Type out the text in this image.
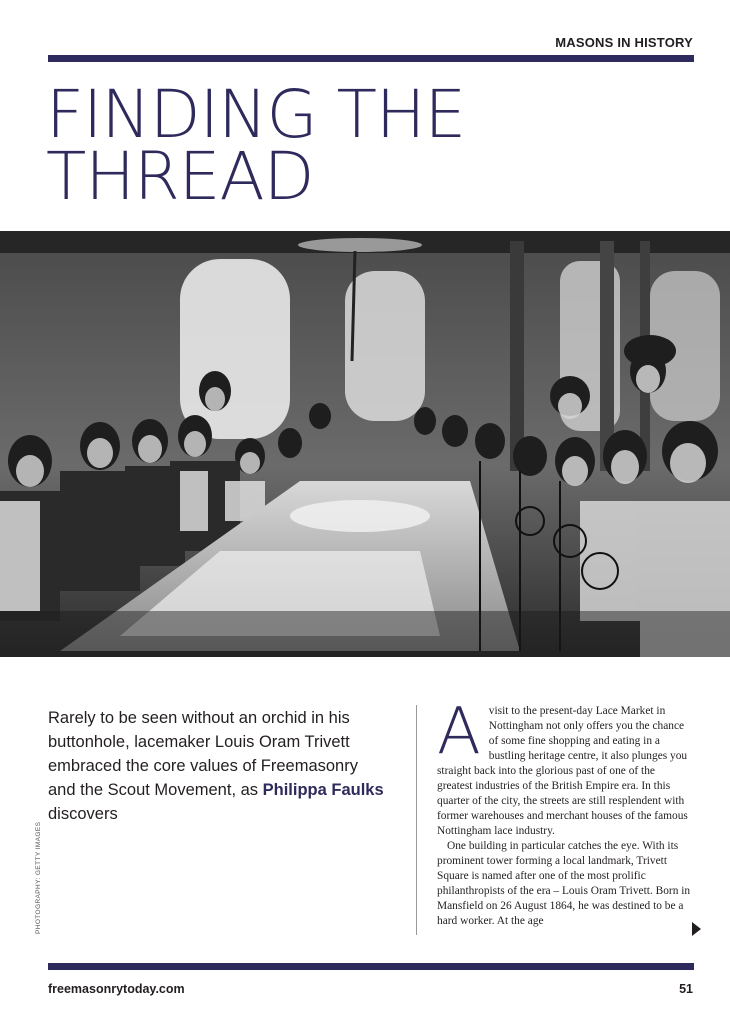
MASONS IN HISTORY
FINDING THE
THREAD

Rarely to be seen without an orchid in his buttonhole, lacemaker Louis Oram Trivett embraced the core values of Freemasonry and the Scout Movement, as Philippa Faulks discovers

PHOTOGRAPHY: GETTY IMAGES

Avisit to the present-day Lace Market in Nottingham not only offers you the chance of some fine shopping and eating in a bustling heritage centre, it also plunges you straight back into the glorious past of one of the greatest industries of the British Empire era. In this quarter of the city, the streets are still resplendent with former warehouses and merchant houses of the famous Nottingham lace industry.

One building in particular catches the eye. With its prominent tower forming a local landmark, Trivett Square is named after one of the most prolific philanthropists of the era – Louis Oram Trivett. Born in Mansfield on 26 August 1864, he was destined to be a hard worker. At the age

freemasonrytoday.com	51
